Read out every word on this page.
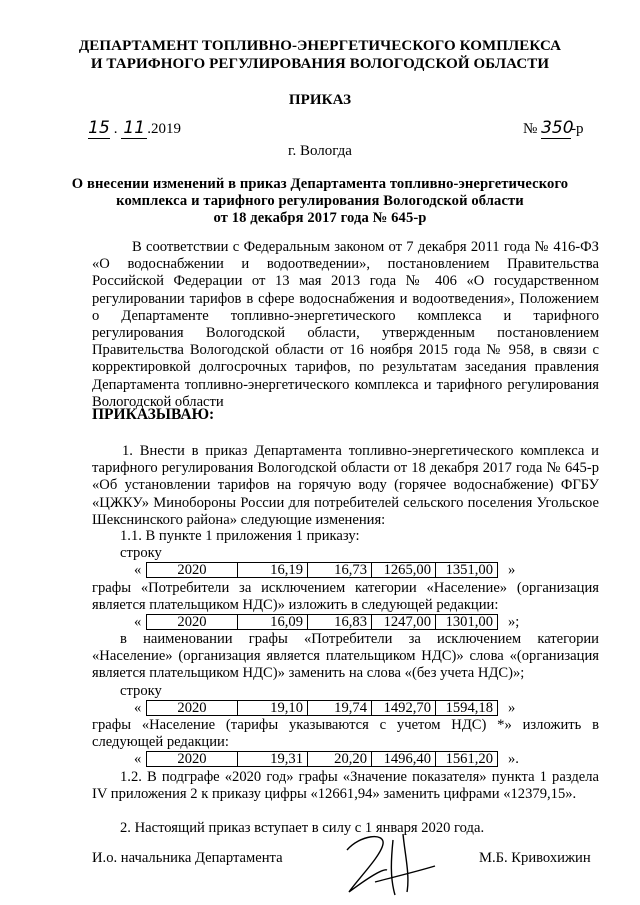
ДЕПАРТАМЕНТ ТОПЛИВНО-ЭНЕРГЕТИЧЕСКОГО КОМПЛЕКСА
И ТАРИФНОГО РЕГУЛИРОВАНИЯ ВОЛОГОДСКОЙ ОБЛАСТИ
ПРИКАЗ
15 . 11 .2019	№ 350-р
г. Вологда
О внесении изменений в приказ Департамента топливно-энергетического
комплекса и тарифного регулирования Вологодской области
от 18 декабря 2017 года № 645-р
В соответствии с Федеральным законом от 7 декабря 2011 года № 416-ФЗ «О водоснабжении и водоотведении», постановлением Правительства Российской Федерации от 13 мая 2013 года № 406 «О государственном регулировании тарифов в сфере водоснабжения и водоотведения», Положением о Департаменте топливно-энергетического комплекса и тарифного регулирования Вологодской области, утвержденным постановлением Правительства Вологодской области от 16 ноября 2015 года № 958, в связи с корректировкой долгосрочных тарифов, по результатам заседания правления Департамента топливно-энергетического комплекса и тарифного регулирования Вологодской области
ПРИКАЗЫВАЮ:
1. Внести в приказ Департамента топливно-энергетического комплекса и тарифного регулирования Вологодской области от 18 декабря 2017 года № 645-р «Об установлении тарифов на горячую воду (горячее водоснабжение) ФГБУ «ЦЖКУ» Минобороны России для потребителей сельского поселения Угольское Шекснинского района» следующие изменения:
1.1. В пункте 1 приложения 1 приказу:
строку
« 2020	16,19	16,73	1265,00	1351,00 »
графы «Потребители за исключением категории «Население» (организация является плательщиком НДС)» изложить в следующей редакции:
« 2020	16,09	16,83	1247,00	1301,00 »;
в наименовании графы «Потребители за исключением категории «Население» (организация является плательщиком НДС)» слова «(организация является плательщиком НДС)» заменить на слова «(без учета НДС)»;
строку
« 2020	19,10	19,74	1492,70	1594,18 »
графы «Население (тарифы указываются с учетом НДС) *» изложить в следующей редакции:
« 2020	19,31	20,20	1496,40	1561,20 ».
1.2. В подграфе «2020 год» графы «Значение показателя» пункта 1 раздела IV приложения 2 к приказу цифры «12661,94» заменить цифрами «12379,15».
2. Настоящий приказ вступает в силу с 1 января 2020 года.
И.о. начальника Департамента	М.Б. Кривохижин
